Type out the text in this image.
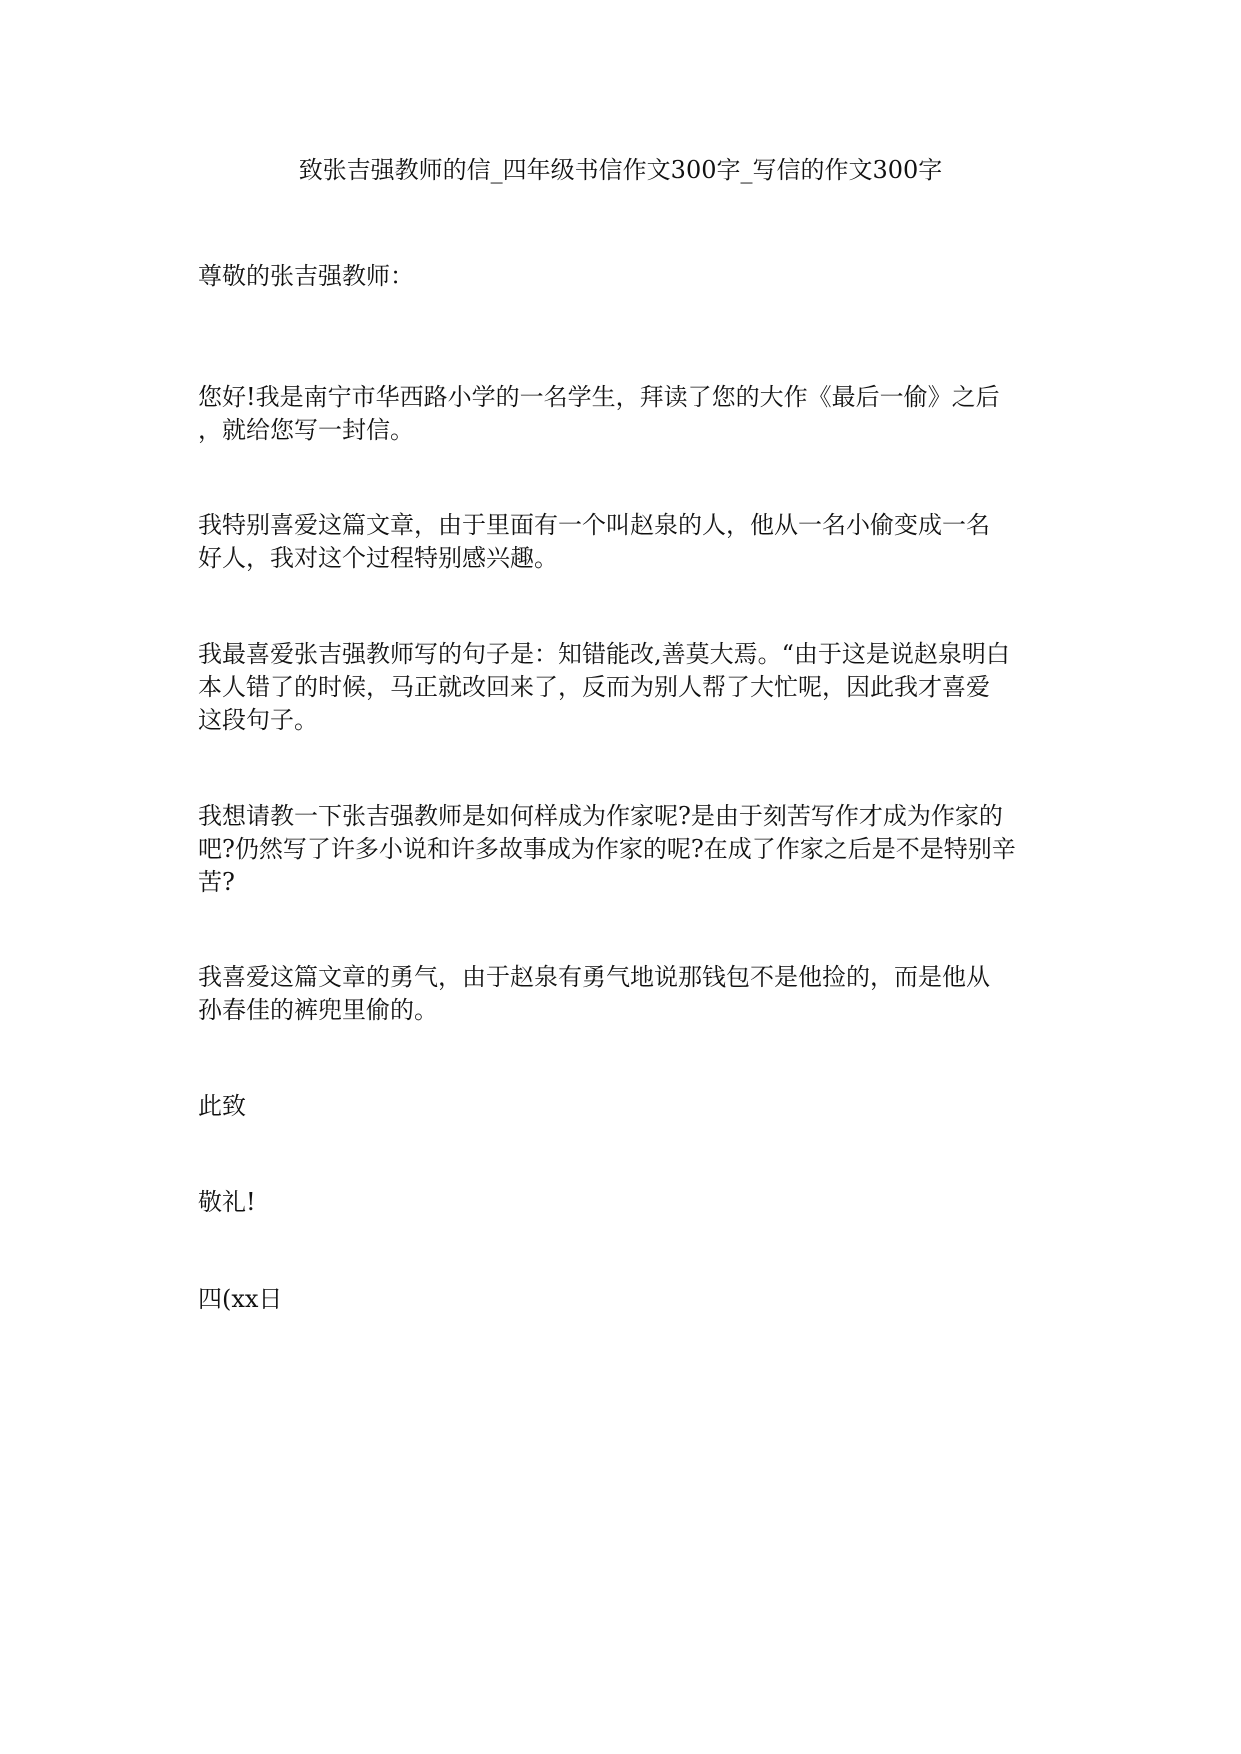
致张吉强教师的信_四年级书信作文300字_写信的作文300字
尊敬的张吉强教师：
您好!我是南宁市华西路小学的一名学生，拜读了您的大作《最后一偷》之后
，就给您写一封信。
我特别喜爱这篇文章，由于里面有一个叫赵泉的人，他从一名小偷变成一名
好人，我对这个过程特别感兴趣。
我最喜爱张吉强教师写的句子是：知错能改,善莫大焉。“由于这是说赵泉明白
本人错了的时候，马正就改回来了，反而为别人帮了大忙呢，因此我才喜爱
这段句子。
我想请教一下张吉强教师是如何样成为作家呢?是由于刻苦写作才成为作家的
吧?仍然写了许多小说和许多故事成为作家的呢?在成了作家之后是不是特别辛
苦?
我喜爱这篇文章的勇气，由于赵泉有勇气地说那钱包不是他捡的，而是他从
孙春佳的裤兜里偷的。
此致
敬礼!
四(xx日
